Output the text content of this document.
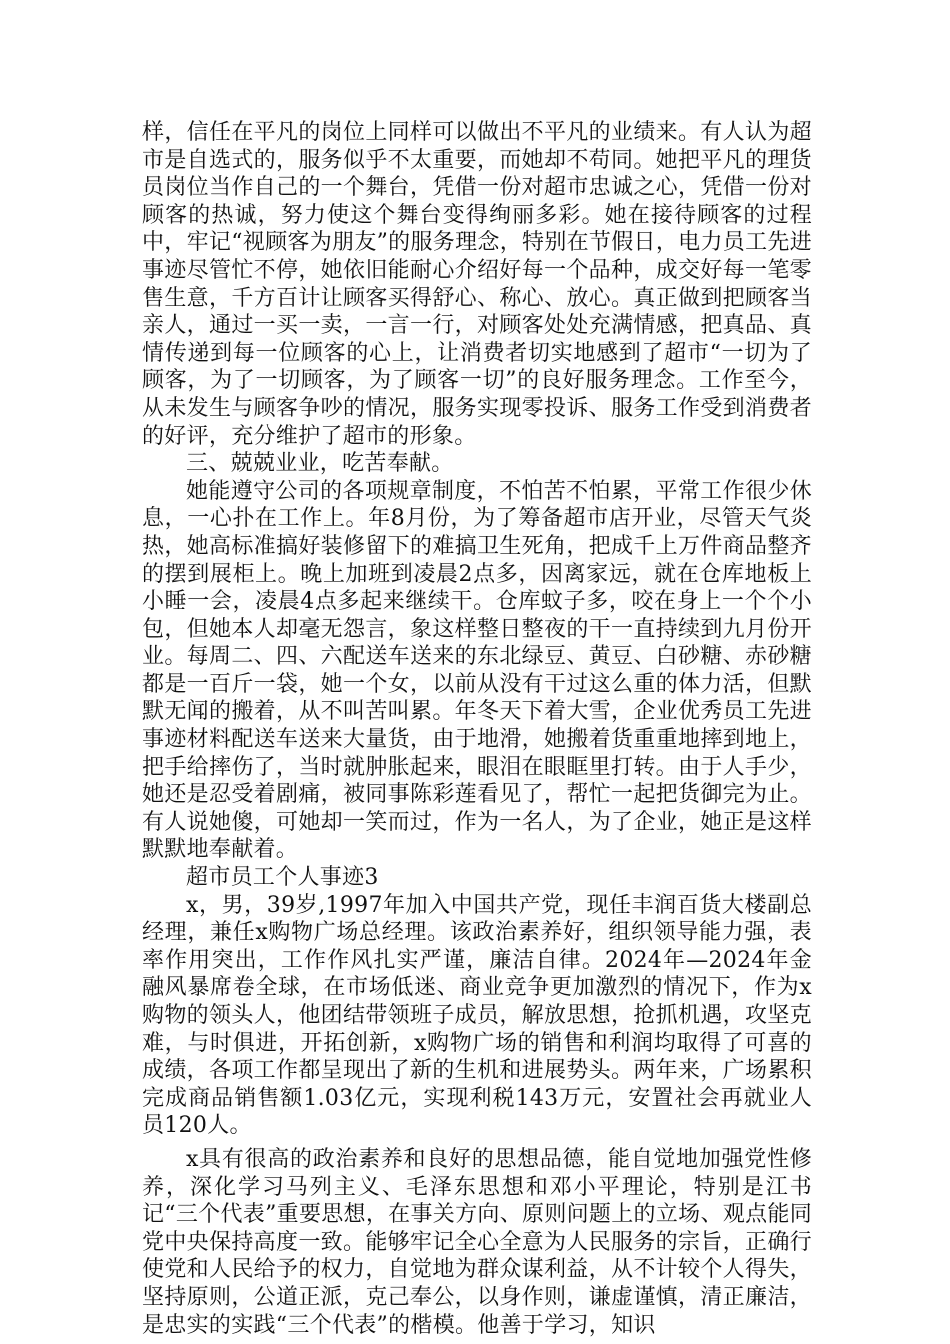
样，信任在平凡的岗位上同样可以做出不平凡的业绩来。有人认为超市是自选式的，服务似乎不太重要，而她却不苟同。她把平凡的理货员岗位当作自己的一个舞台，凭借一份对超市忠诚之心，凭借一份对顾客的热诚，努力使这个舞台变得绚丽多彩。她在接待顾客的过程中，牢记“视顾客为朋友”的服务理念，特别在节假日，电力员工先进事迹尽管忙不停，她依旧能耐心介绍好每一个品种，成交好每一笔零售生意，千方百计让顾客买得舒心、称心、放心。真正做到把顾客当亲人，通过一买一卖，一言一行，对顾客处处充满情感，把真品、真情传递到每一位顾客的心上，让消费者切实地感到了超市“一切为了顾客，为了一切顾客，为了顾客一切”的良好服务理念。工作至今，从未发生与顾客争吵的情况，服务实现零投诉、服务工作受到消费者的好评，充分维护了超市的形象。

三、兢兢业业，吃苦奉献。

她能遵守公司的各项规章制度，不怕苦不怕累，平常工作很少休息，一心扑在工作上。年8月份，为了筹备超市店开业，尽管天气炎热，她高标准搞好装修留下的难搞卫生死角，把成千上万件商品整齐的摆到展柜上。晚上加班到凌晨2点多，因离家远，就在仓库地板上小睡一会，凌晨4点多起来继续干。仓库蚊子多，咬在身上一个个小包，但她本人却毫无怨言，象这样整日整夜的干一直持续到九月份开业。每周二、四、六配送车送来的东北绿豆、黄豆、白砂糖、赤砂糖都是一百斤一袋，她一个女，以前从没有干过这么重的体力活，但默默无闻的搬着，从不叫苦叫累。年冬天下着大雪，企业优秀员工先进事迹材料配送车送来大量货，由于地滑，她搬着货重重地摔到地上，把手给摔伤了，当时就肿胀起来，眼泪在眼眶里打转。由于人手少，她还是忍受着剧痛，被同事陈彩莲看见了，帮忙一起把货御完为止。有人说她傻，可她却一笑而过，作为一名人，为了企业，她正是这样默默地奉献着。

超市员工个人事迹3

x，男，39岁,1997年加入中国共产党，现任丰润百货大楼副总经理，兼任x购物广场总经理。该政治素养好，组织领导能力强，表率作用突出，工作作风扎实严谨，廉洁自律。2024年—2024年金融风暴席卷全球，在市场低迷、商业竞争更加激烈的情况下，作为x购物的领头人，他团结带领班子成员，解放思想，抢抓机遇，攻坚克难，与时俱进，开拓创新，x购物广场的销售和利润均取得了可喜的成绩，各项工作都呈现出了新的生机和进展势头。两年来，广场累积完成商品销售额1.03亿元，实现利税143万元，安置社会再就业人员120人。

x具有很高的政治素养和良好的思想品德，能自觉地加强党性修养，深化学习马列主义、毛泽东思想和邓小平理论，特别是江书记“三个代表”重要思想，在事关方向、原则问题上的立场、观点能同党中央保持高度一致。能够牢记全心全意为人民服务的宗旨，正确行使党和人民给予的权力，自觉地为群众谋利益，从不计较个人得失，坚持原则，公道正派，克己奉公，以身作则，谦虚谨慎，清正廉洁，是忠实的实践“三个代表”的楷模。他善于学习，知识
